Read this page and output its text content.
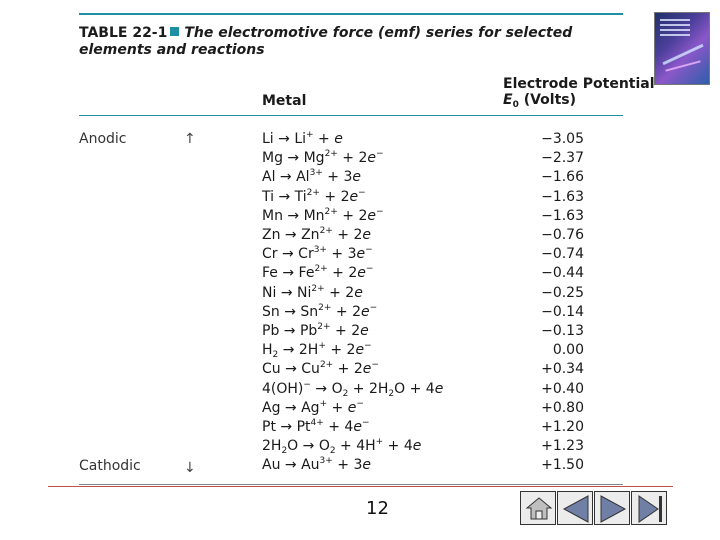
TABLE 22-1 The electromotive force (emf) series for selected elements and reactions
Metal
Electrode Potential
$E_0$ (Volts)
Li → Li+ + e	−3.05
$Mg \to Mg^{2+} + 2e^-$	−2.37
$Al \to Al^{3+} + 3e$	−1.66
$Ti \to Ti^{2+} + 2e^-$	−1.63
$Mn \to Mn^{2+} + 2e^-$	−1.63
$Zn \to Zn^{2+} + 2e$	−0.76
$Cr \to Cr^{3+} + 3e^-$	−0.74
$Fe \to Fe^{2+} + 2e^-$	−0.44
$Ni \to Ni^{2+} + 2e$	−0.25
$Sn \to Sn^{2+} + 2e^-$	−0.14
$Pb \to Pb^{2+} + 2e$	−0.13
$H_2 \to 2H^+ + 2e^-$	0.00
$Cu \to Cu^{2+} + 2e^-$	+0.34
$4(OH)^- \to O_2 + 2H_2O + 4e$	+0.40
Ag → Ag+ + e−	+0.80
$Pt \to Pt^{4+} + 4e^-$	+1.20
$2H_2O \to O_2 + 4H^+ + 4e$	+1.23
$Au \to Au^{3+} + 3e$	+1.50
Anodic	↑
Cathodic	↓
12
